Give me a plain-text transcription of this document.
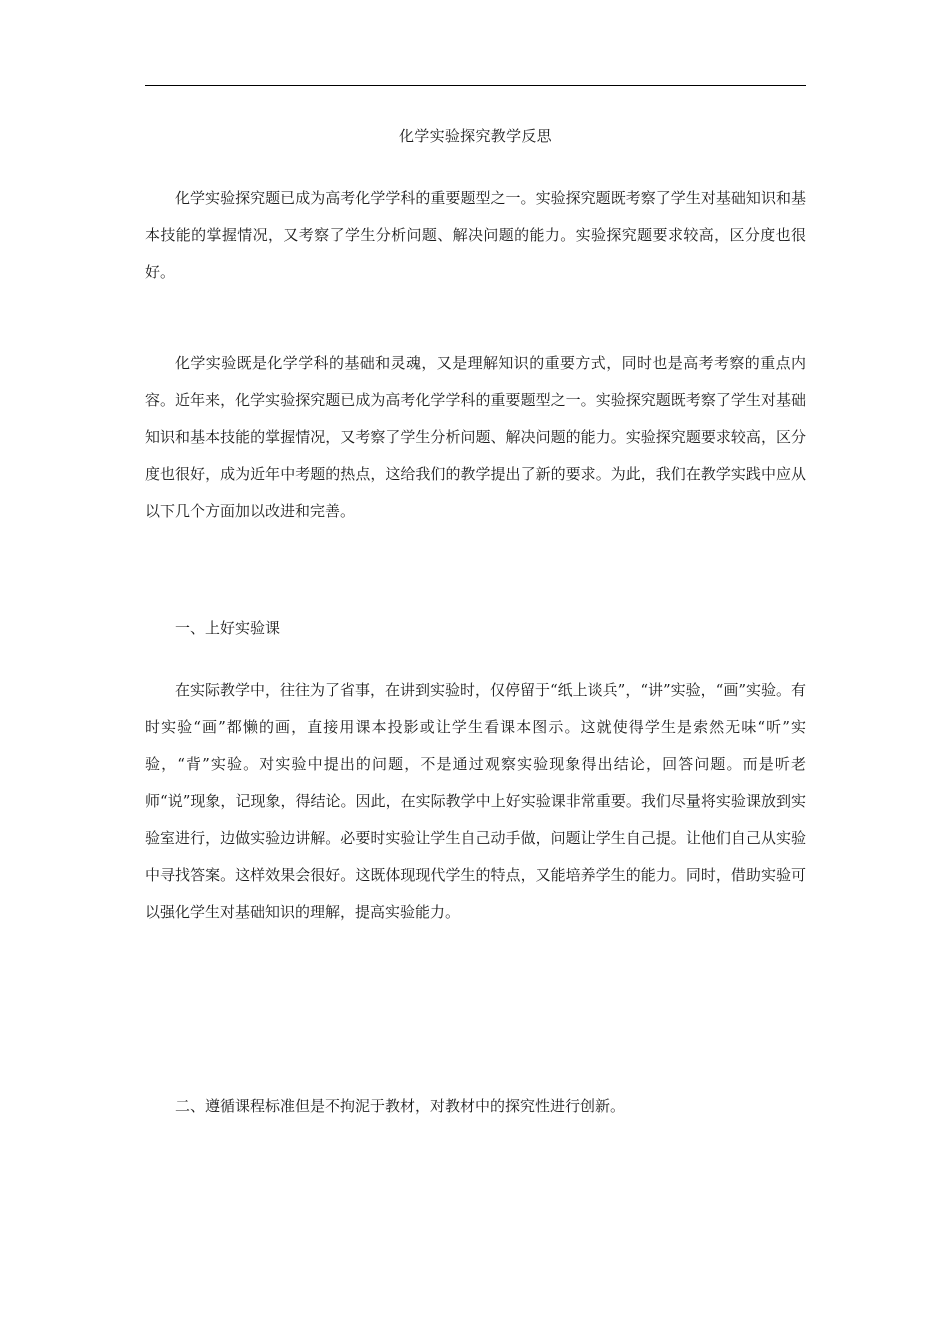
化学实验探究教学反思

化学实验探究题已成为高考化学学科的重要题型之一。实验探究题既考察了学生对基础知识和基本技能的掌握情况，又考察了学生分析问题、解决问题的能力。实验探究题要求较高，区分度也很好。

化学实验既是化学学科的基础和灵魂，又是理解知识的重要方式，同时也是高考考察的重点内容。近年来，化学实验探究题已成为高考化学学科的重要题型之一。实验探究题既考察了学生对基础知识和基本技能的掌握情况，又考察了学生分析问题、解决问题的能力。实验探究题要求较高，区分度也很好，成为近年中考题的热点，这给我们的教学提出了新的要求。为此，我们在教学实践中应从以下几个方面加以改进和完善。

一、上好实验课

在实际教学中，往往为了省事，在讲到实验时，仅停留于“纸上谈兵”，“讲”实验，“画”实验。有时实验“画”都懒的画，直接用课本投影或让学生看课本图示。这就使得学生是索然无味“听”实验，“背”实验。对实验中提出的问题，不是通过观察实验现象得出结论，回答问题。而是听老师“说”现象，记现象，得结论。因此，在实际教学中上好实验课非常重要。我们尽量将实验课放到实验室进行，边做实验边讲解。必要时实验让学生自己动手做，问题让学生自己提。让他们自己从实验中寻找答案。这样效果会很好。这既体现现代学生的特点，又能培养学生的能力。同时，借助实验可以强化学生对基础知识的理解，提高实验能力。

二、遵循课程标准但是不拘泥于教材，对教材中的探究性进行创新。
